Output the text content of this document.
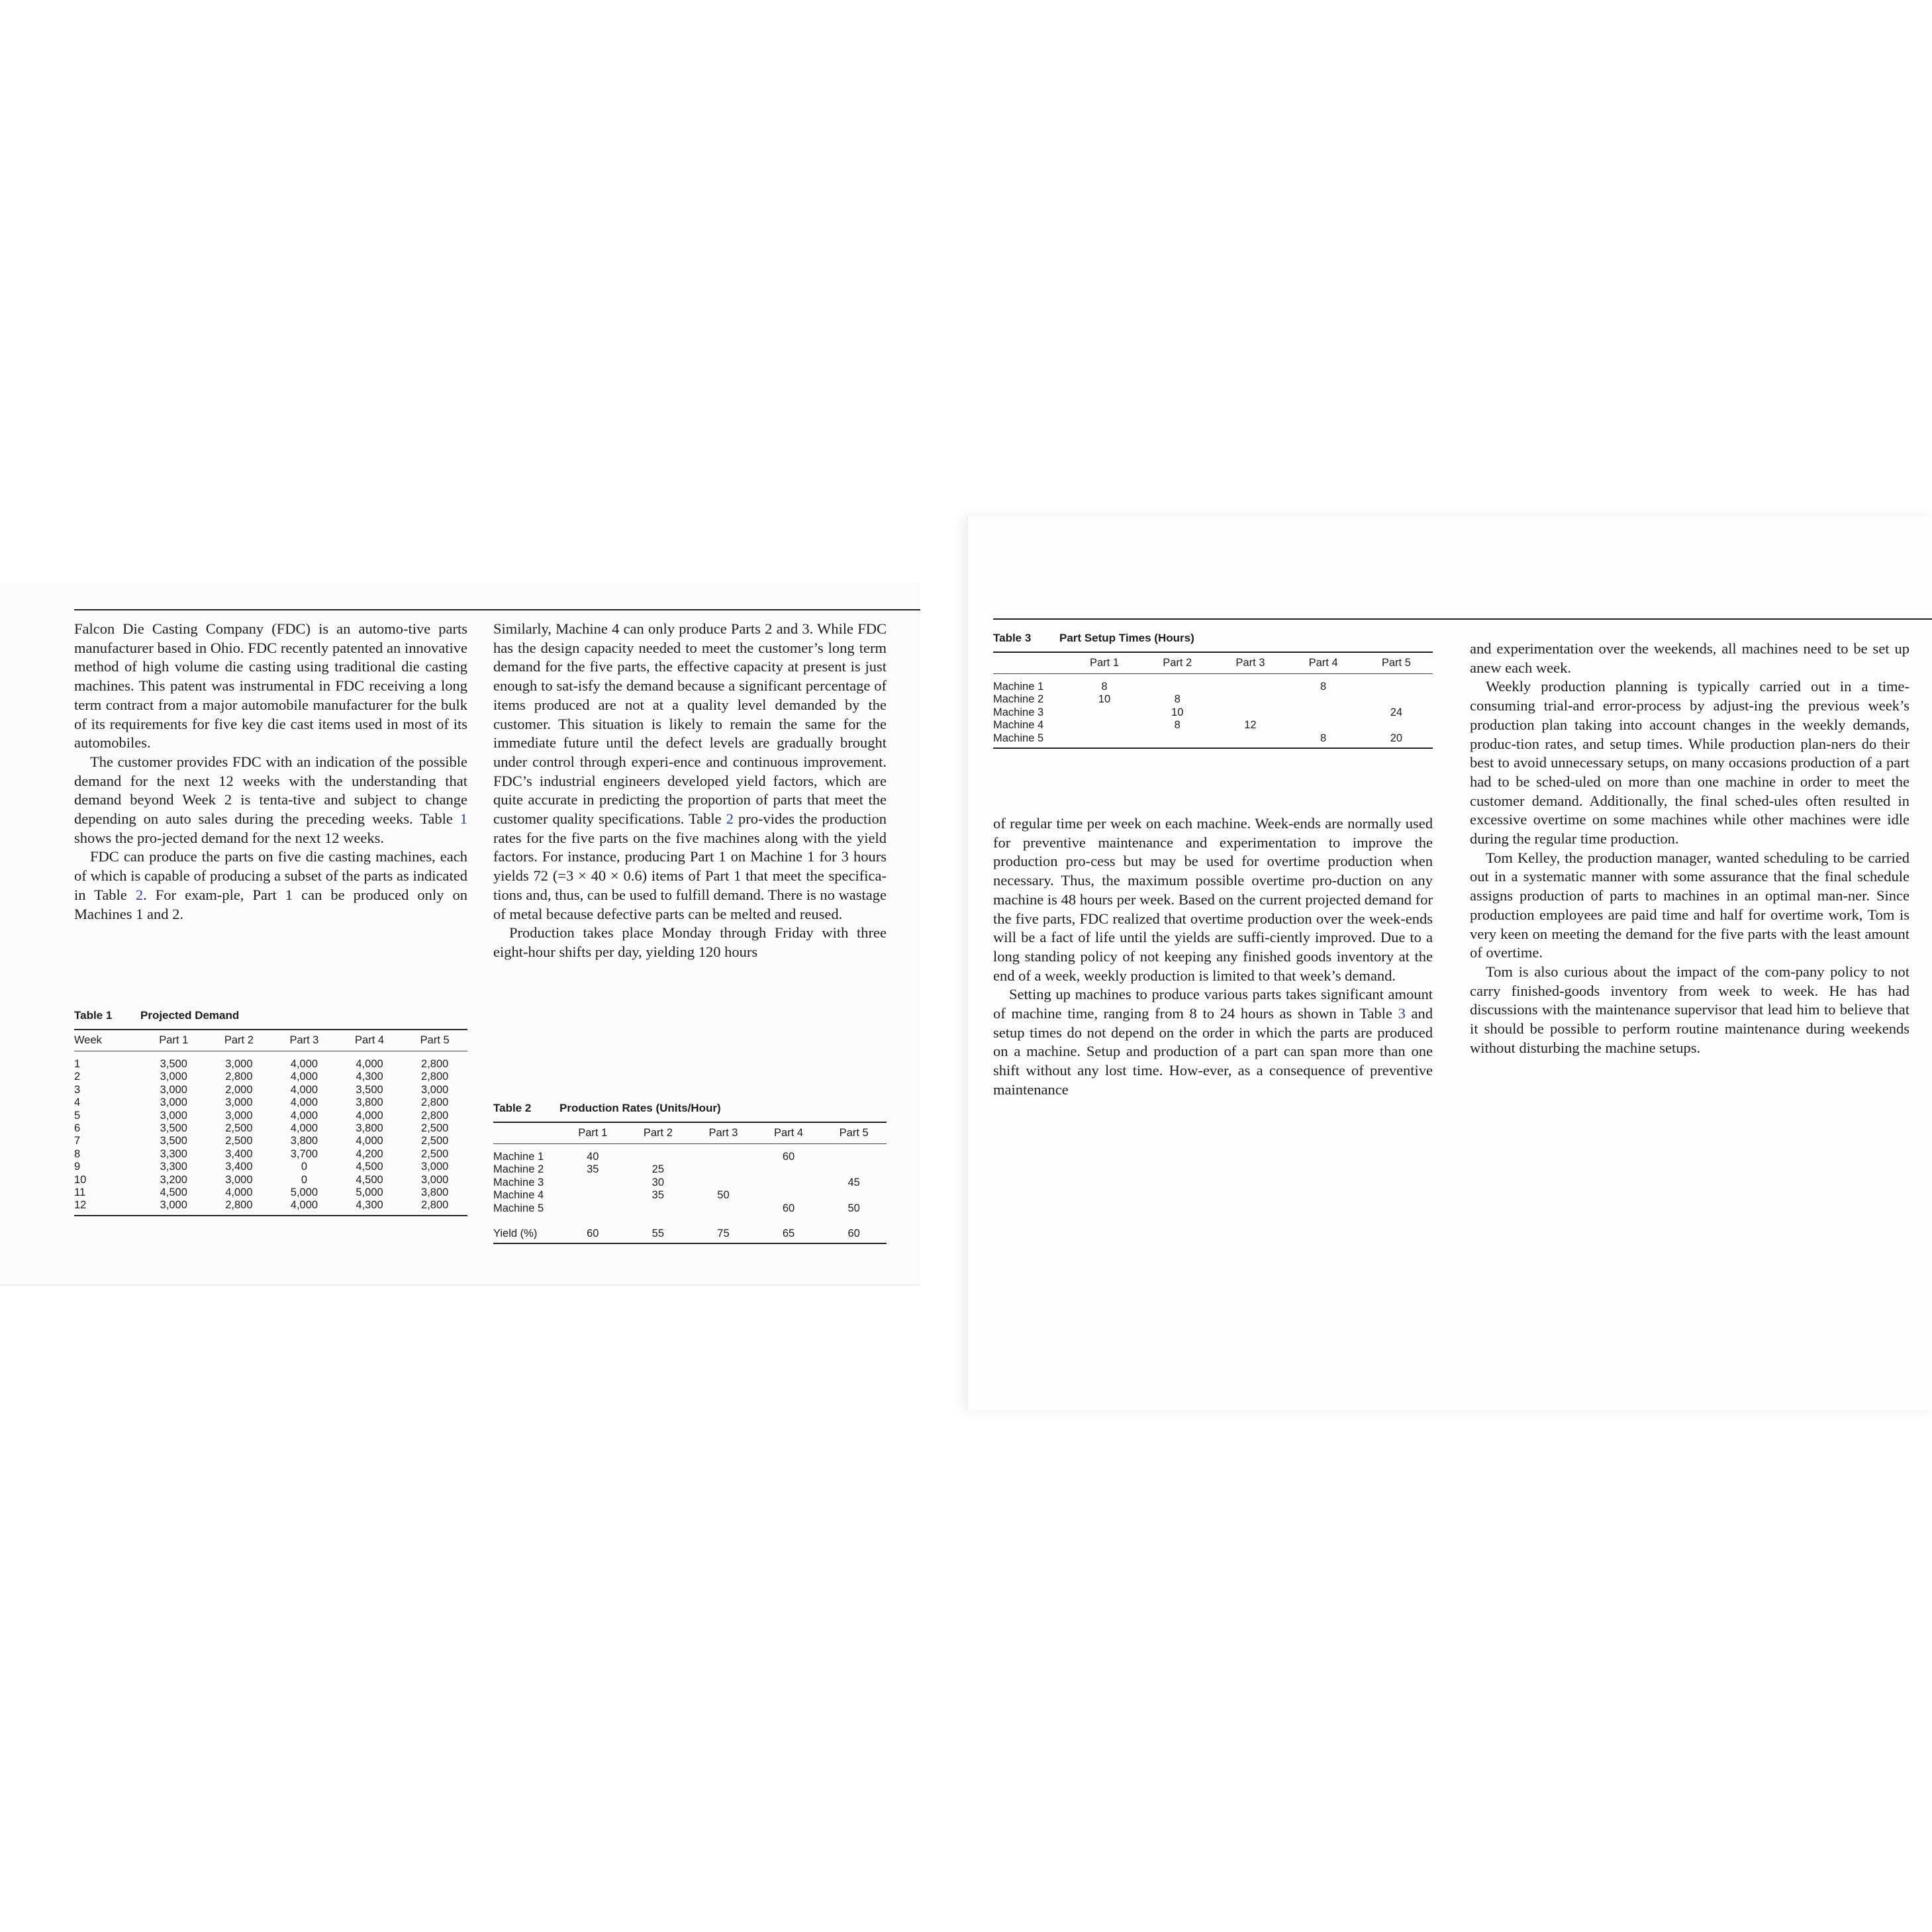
Falcon Die Casting Company (FDC) is an automo-tive parts manufacturer based in Ohio. FDC recently patented an innovative method of high volume die casting using traditional die casting machines. This patent was instrumental in FDC receiving a long term contract from a major automobile manufacturer for the bulk of its requirements for five key die cast items used in most of its automobiles.

The customer provides FDC with an indication of the possible demand for the next 12 weeks with the understanding that demand beyond Week 2 is tenta-tive and subject to change depending on auto sales during the preceding weeks. Table 1 shows the pro-jected demand for the next 12 weeks.

FDC can produce the parts on five die casting machines, each of which is capable of producing a subset of the parts as indicated in Table 2. For exam-ple, Part 1 can be produced only on Machines 1 and 2.

Similarly, Machine 4 can only produce Parts 2 and 3. While FDC has the design capacity needed to meet the customer’s long term demand for the five parts, the effective capacity at present is just enough to sat-isfy the demand because a significant percentage of items produced are not at a quality level demanded by the customer. This situation is likely to remain the same for the immediate future until the defect levels are gradually brought under control through experi-ence and continuous improvement. FDC’s industrial engineers developed yield factors, which are quite accurate in predicting the proportion of parts that meet the customer quality specifications. Table 2 pro-vides the production rates for the five parts on the five machines along with the yield factors. For instance, producing Part 1 on Machine 1 for 3 hours yields 72 (=3 × 40 × 0.6) items of Part 1 that meet the specifica-tions and, thus, can be used to fulfill demand. There is no wastage of metal because defective parts can be melted and reused.

Production takes place Monday through Friday with three eight-hour shifts per day, yielding 120 hours

Table 1	Projected Demand
Week	Part 1	Part 2	Part 3	Part 4	Part 5
1	3,500	3,000	4,000	4,000	2,800
2	3,000	2,800	4,000	4,300	2,800
3	3,000	2,000	4,000	3,500	3,000
4	3,000	3,000	4,000	3,800	2,800
5	3,000	3,000	4,000	4,000	2,800
6	3,500	2,500	4,000	3,800	2,500
7	3,500	2,500	3,800	4,000	2,500
8	3,300	3,400	3,700	4,200	2,500
9	3,300	3,400	0	4,500	3,000
10	3,200	3,000	0	4,500	3,000
11	4,500	4,000	5,000	5,000	3,800
12	3,000	2,800	4,000	4,300	2,800
Table 2	Production Rates (Units/Hour)
	Part 1	Part 2	Part 3	Part 4	Part 5
Machine 1	40			60	
Machine 2	35	25			
Machine 3		30			45
Machine 4		35	50		
Machine 5				60	50

Yield (%)	60	55	75	65	60
Table 3	Part Setup Times (Hours)
	Part 1	Part 2	Part 3	Part 4	Part 5
Machine 1	8			8	
Machine 2	10	8			
Machine 3		10			24
Machine 4		8	12		
Machine 5				8	20

of regular time per week on each machine. Week-ends are normally used for preventive maintenance and experimentation to improve the production pro-cess but may be used for overtime production when necessary. Thus, the maximum possible overtime pro-duction on any machine is 48 hours per week. Based on the current projected demand for the five parts, FDC realized that overtime production over the week-ends will be a fact of life until the yields are suffi-ciently improved. Due to a long standing policy of not keeping any finished goods inventory at the end of a week, weekly production is limited to that week’s demand.

Setting up machines to produce various parts takes significant amount of machine time, ranging from 8 to 24 hours as shown in Table 3 and setup times do not depend on the order in which the parts are produced on a machine. Setup and production of a part can span more than one shift without any lost time. How-ever, as a consequence of preventive maintenance

and experimentation over the weekends, all machines need to be set up anew each week.

Weekly production planning is typically carried out in a time-consuming trial-and error-process by adjust-ing the previous week’s production plan taking into account changes in the weekly demands, produc-tion rates, and setup times. While production plan-ners do their best to avoid unnecessary setups, on many occasions production of a part had to be sched-uled on more than one machine in order to meet the customer demand. Additionally, the final sched-ules often resulted in excessive overtime on some machines while other machines were idle during the regular time production.

Tom Kelley, the production manager, wanted scheduling to be carried out in a systematic manner with some assurance that the final schedule assigns production of parts to machines in an optimal man-ner. Since production employees are paid time and half for overtime work, Tom is very keen on meeting the demand for the five parts with the least amount of overtime.

Tom is also curious about the impact of the com-pany policy to not carry finished-goods inventory from week to week. He has had discussions with the maintenance supervisor that lead him to believe that it should be possible to perform routine maintenance during weekends without disturbing the machine setups.
